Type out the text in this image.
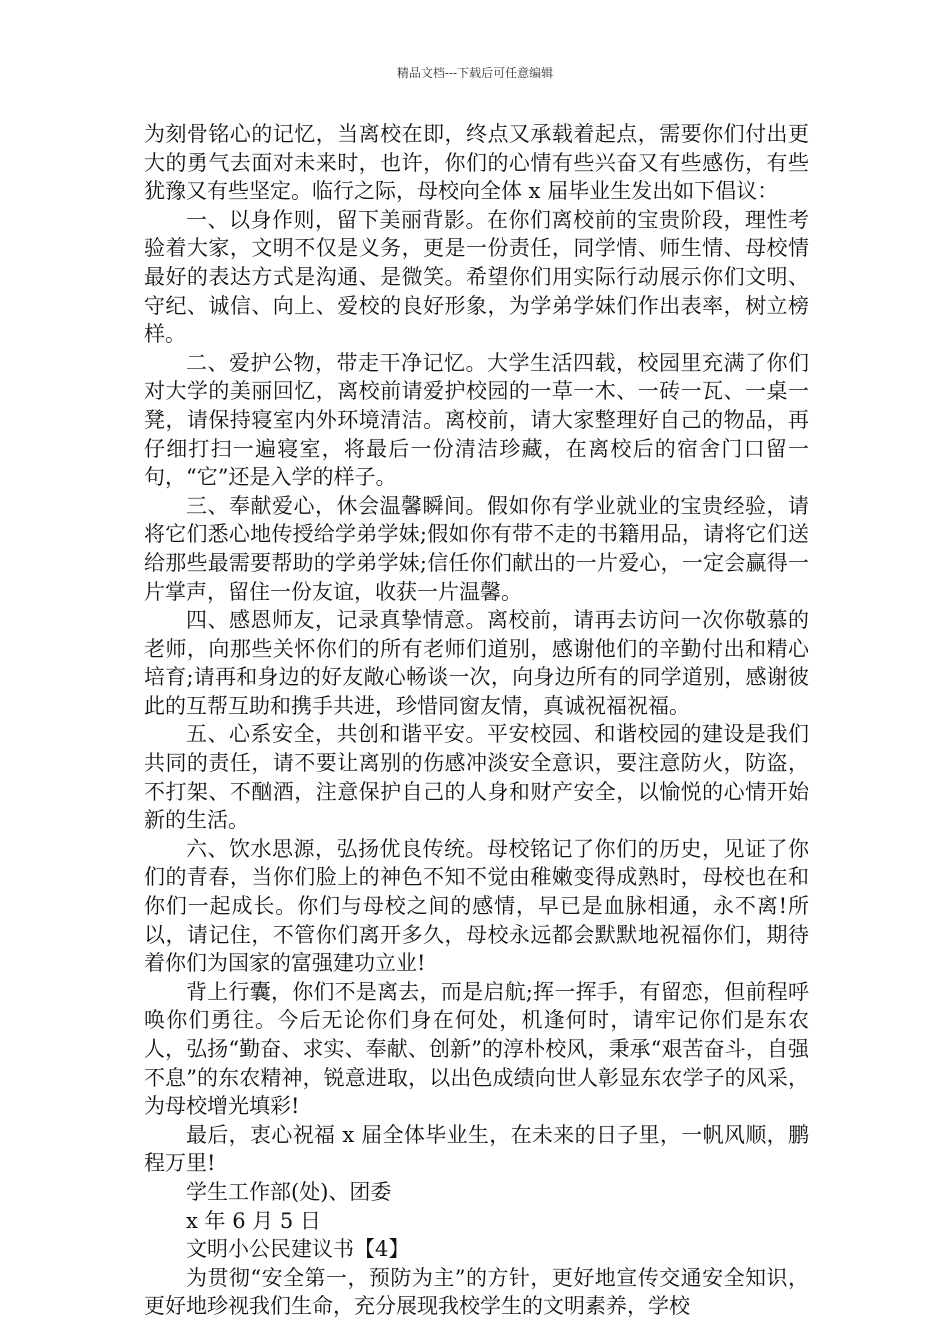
精品文档---下载后可任意编辑

为刻骨铭心的记忆，当离校在即，终点又承载着起点，需要你们付出更大的勇气去面对未来时，也许，你们的心情有些兴奋又有些感伤，有些犹豫又有些坚定。临行之际，母校向全体 x 届毕业生发出如下倡议：

一、以身作则，留下美丽背影。在你们离校前的宝贵阶段，理性考验着大家，文明不仅是义务，更是一份责任，同学情、师生情、母校情最好的表达方式是沟通、是微笑。希望你们用实际行动展示你们文明、守纪、诚信、向上、爱校的良好形象，为学弟学妹们作出表率，树立榜样。

二、爱护公物，带走干净记忆。大学生活四载，校园里充满了你们对大学的美丽回忆，离校前请爱护校园的一草一木、一砖一瓦、一桌一凳，请保持寝室内外环境清洁。离校前，请大家整理好自己的物品，再仔细打扫一遍寝室，将最后一份清洁珍藏，在离校后的宿舍门口留一句，“它”还是入学的样子。

三、奉献爱心，休会温馨瞬间。假如你有学业就业的宝贵经验，请将它们悉心地传授给学弟学妹;假如你有带不走的书籍用品，请将它们送给那些最需要帮助的学弟学妹;信任你们献出的一片爱心，一定会赢得一片掌声，留住一份友谊，收获一片温馨。

四、感恩师友，记录真挚情意。离校前，请再去访问一次你敬慕的老师，向那些关怀你们的所有老师们道别，感谢他们的辛勤付出和精心培育;请再和身边的好友敞心畅谈一次，向身边所有的同学道别，感谢彼此的互帮互助和携手共进，珍惜同窗友情，真诚祝福祝福。

五、心系安全，共创和谐平安。平安校园、和谐校园的建设是我们共同的责任，请不要让离别的伤感冲淡安全意识，要注意防火，防盗，不打架、不酗酒，注意保护自己的人身和财产安全，以愉悦的心情开始新的生活。

六、饮水思源，弘扬优良传统。母校铭记了你们的历史，见证了你们的青春，当你们脸上的神色不知不觉由稚嫩变得成熟时，母校也在和你们一起成长。你们与母校之间的感情，早已是血脉相通，永不离!所以，请记住，不管你们离开多久，母校永远都会默默地祝福你们，期待着你们为国家的富强建功立业!

背上行囊，你们不是离去，而是启航;挥一挥手，有留恋，但前程呼唤你们勇往。今后无论你们身在何处，机逢何时，请牢记你们是东农人，弘扬“勤奋、求实、奉献、创新”的淳朴校风，秉承“艰苦奋斗，自强不息”的东农精神，锐意进取，以出色成绩向世人彰显东农学子的风采，为母校增光填彩!

最后，衷心祝福 x 届全体毕业生，在未来的日子里，一帆风顺，鹏程万里!

学生工作部(处)、团委

x 年 6 月 5 日

文明小公民建议书【4】

为贯彻“安全第一，预防为主”的方针，更好地宣传交通安全知识，更好地珍视我们生命，充分展现我校学生的文明素养，学校
